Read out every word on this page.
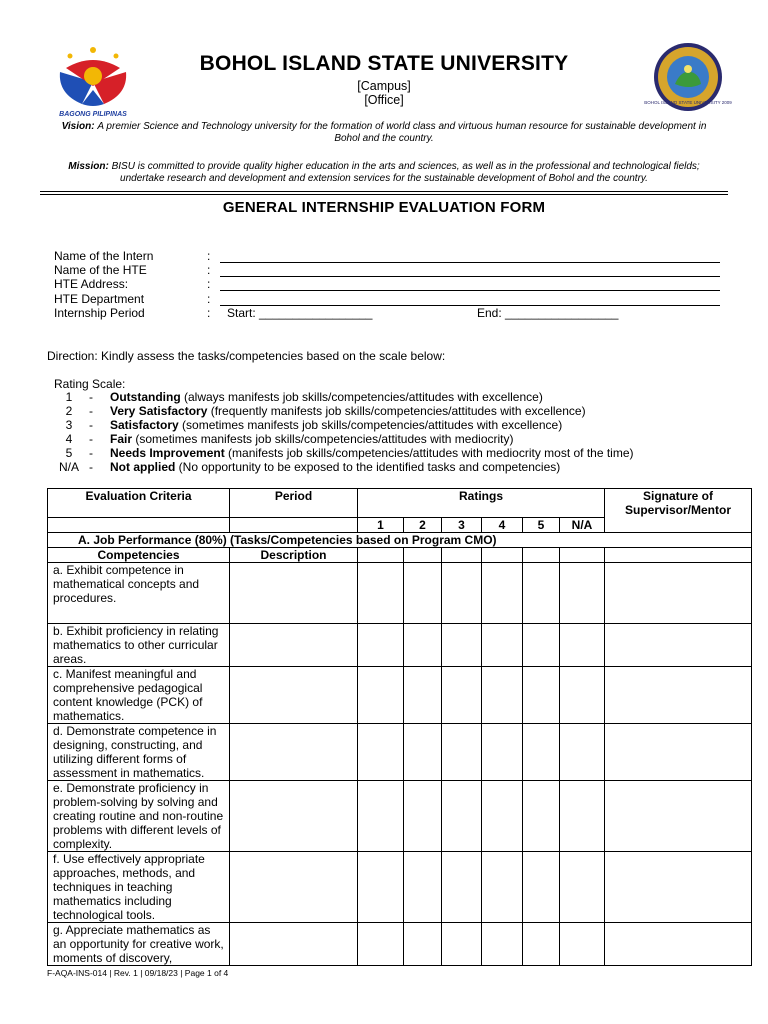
BAGONG PILIPINAS
BOHOL ISLAND STATE UNIVERSITY 2009
BOHOL ISLAND STATE UNIVERSITY
[Campus]
[Office]
Vision: A premier Science and Technology university for the formation of world class and virtuous human resource for sustainable development in Bohol and the country.
Mission: BISU is committed to provide quality higher education in the arts and sciences, as well as in the professional and technological fields; undertake research and development and extension services for the sustainable development of Bohol and the country.
GENERAL INTERNSHIP EVALUATION FORM
Name of the Intern	:
Name of the HTE	:
HTE Address:	:
HTE Department	:
Internship Period	: Start: _________________	End: _________________
Direction: Kindly assess the tasks/competencies based on the scale below:
Rating Scale:
1	- Outstanding (always manifests job skills/competencies/attitudes with excellence)
2	- Very Satisfactory (frequently manifests job skills/competencies/attitudes with excellence)
3	- Satisfactory (sometimes manifests job skills/competencies/attitudes with excellence)
4	- Fair (sometimes manifests job skills/competencies/attitudes with mediocrity)
5	- Needs Improvement (manifests job skills/competencies/attitudes with mediocrity most of the time)
N/A - Not applied (No opportunity to be exposed to the identified tasks and competencies)
Evaluation Criteria	Period	Ratings						Signature of Supervisor/Mentor
		1	2	3	4	5	N/A	
A. Job Performance (80%) (Tasks/Competencies based on Program CMO)								
Competencies	Description							
a. Exhibit competence in mathematical concepts and procedures.								
b. Exhibit proficiency in relating mathematics to other curricular areas.								
c. Manifest meaningful and comprehensive pedagogical content knowledge (PCK) of mathematics.								
d. Demonstrate competence in designing, constructing, and utilizing different forms of assessment in mathematics.								
e. Demonstrate proficiency in problem-solving by solving and creating routine and non-routine problems with different levels of complexity.								
f. Use effectively appropriate approaches, methods, and techniques in teaching mathematics including technological tools.								
g. Appreciate mathematics as an opportunity for creative work, moments of discovery,								
F-AQA-INS-014 | Rev. 1 | 09/18/23 | Page 1 of 4
